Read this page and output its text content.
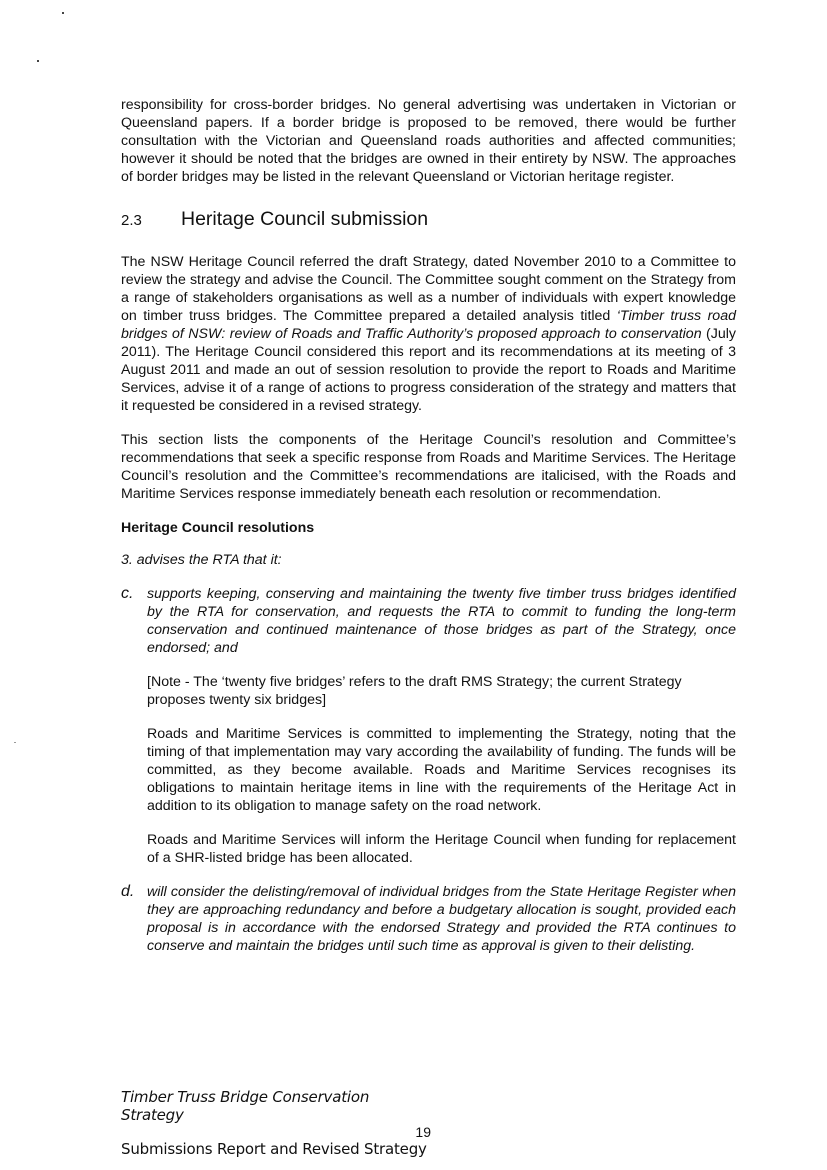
responsibility for cross-border bridges. No general advertising was undertaken in Victorian or Queensland papers. If a border bridge is proposed to be removed, there would be further consultation with the Victorian and Queensland roads authorities and affected communities; however it should be noted that the bridges are owned in their entirety by NSW. The approaches of border bridges may be listed in the relevant Queensland or Victorian heritage register.

2.3	Heritage Council submission

The NSW Heritage Council referred the draft Strategy, dated November 2010 to a Committee to review the strategy and advise the Council. The Committee sought comment on the Strategy from a range of stakeholders organisations as well as a number of individuals with expert knowledge on timber truss bridges. The Committee prepared a detailed analysis titled ‘Timber truss road bridges of NSW: review of Roads and Traffic Authority’s proposed approach to conservation (July 2011). The Heritage Council considered this report and its recommendations at its meeting of 3 August 2011 and made an out of session resolution to provide the report to Roads and Maritime Services, advise it of a range of actions to progress consideration of the strategy and matters that it requested be considered in a revised strategy.

This section lists the components of the Heritage Council’s resolution and Committee’s recommendations that seek a specific response from Roads and Maritime Services. The Heritage Council’s resolution and the Committee’s recommendations are italicised, with the Roads and Maritime Services response immediately beneath each resolution or recommendation.

Heritage Council resolutions

3. advises the RTA that it:

c. supports keeping, conserving and maintaining the twenty five timber truss bridges identified by the RTA for conservation, and requests the RTA to commit to funding the long-term conservation and continued maintenance of those bridges as part of the Strategy, once endorsed; and

[Note - The ‘twenty five bridges’ refers to the draft RMS Strategy; the current Strategy proposes twenty six bridges]

Roads and Maritime Services is committed to implementing the Strategy, noting that the timing of that implementation may vary according the availability of funding. The funds will be committed, as they become available. Roads and Maritime Services recognises its obligations to maintain heritage items in line with the requirements of the Heritage Act in addition to its obligation to manage safety on the road network.

Roads and Maritime Services will inform the Heritage Council when funding for replacement of a SHR-listed bridge has been allocated.

d. will consider the delisting/removal of individual bridges from the State Heritage Register when they are approaching redundancy and before a budgetary allocation is sought, provided each proposal is in accordance with the endorsed Strategy and provided the RTA continues to conserve and maintain the bridges until such time as approval is given to their delisting.

Timber Truss Bridge Conservation Strategy
19
Submissions Report and Revised Strategy
